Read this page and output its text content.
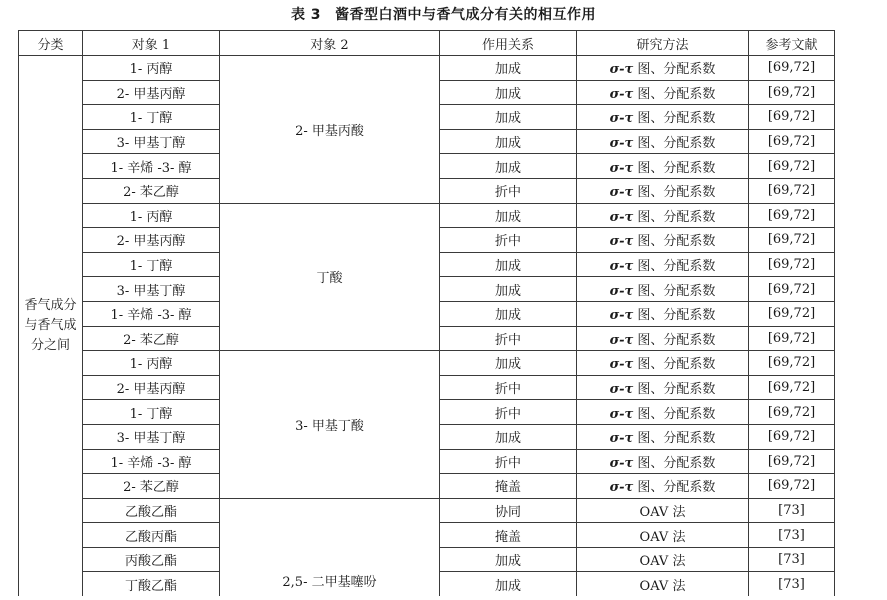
表 3 酱香型白酒中与香气成分有关的相互作用
分类	对象 1	对象 2	作用关系	研究方法	参考文献

香气成分
与香气成
分之间	1- 丙醇	2- 甲基丙酸	加成	σ-τ 图、分配系数	[69,72]
	2- 甲基丙醇		加成	σ-τ 图、分配系数	[69,72]
	1- 丁醇		加成	σ-τ 图、分配系数	[69,72]
	3- 甲基丁醇		加成	σ-τ 图、分配系数	[69,72]
	1- 辛烯 -3- 醇		加成	σ-τ 图、分配系数	[69,72]
	2- 苯乙醇		折中	σ-τ 图、分配系数	[69,72]
	1- 丙醇	丁酸	加成	σ-τ 图、分配系数	[69,72]
	2- 甲基丙醇		折中	σ-τ 图、分配系数	[69,72]
	1- 丁醇		加成	σ-τ 图、分配系数	[69,72]
	3- 甲基丁醇		加成	σ-τ 图、分配系数	[69,72]
	1- 辛烯 -3- 醇		加成	σ-τ 图、分配系数	[69,72]
	2- 苯乙醇		折中	σ-τ 图、分配系数	[69,72]
	1- 丙醇	3- 甲基丁酸	加成	σ-τ 图、分配系数	[69,72]
	2- 甲基丙醇		折中	σ-τ 图、分配系数	[69,72]
	1- 丁醇		折中	σ-τ 图、分配系数	[69,72]
	3- 甲基丁醇		加成	σ-τ 图、分配系数	[69,72]
	1- 辛烯 -3- 醇		折中	σ-τ 图、分配系数	[69,72]
	2- 苯乙醇		掩盖	σ-τ 图、分配系数	[69,72]
	乙酸乙酯	2,5- 二甲基噻吩	协同	OAV 法	[73]
	乙酸丙酯		掩盖	OAV 法	[73]
	丙酸乙酯		加成	OAV 法	[73]
	丁酸乙酯		加成	OAV 法	[73]
